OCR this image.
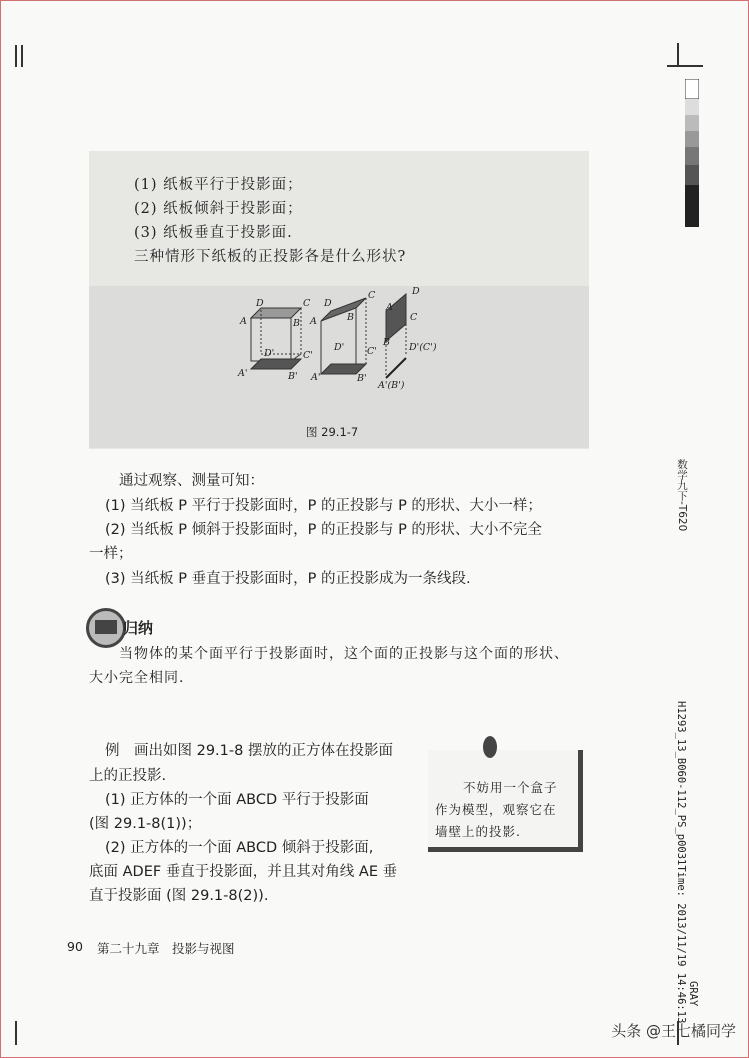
(1) 纸板平行于投影面；
(2) 纸板倾斜于投影面；
(3) 纸板垂直于投影面.
三种情形下纸板的正投影各是什么形状?
D	C
A	B
D'	C'
A'	B'
D
C
A	B
D' C'
A'	B'
D
C
A
B D'(C')
A'(B')
图 29.1-7
通过观察、测量可知：
(1) 当纸板 P 平行于投影面时，P 的正投影与 P 的形状、大小一样；
(2) 当纸板 P 倾斜于投影面时，P 的正投影与 P 的形状、大小不完全
一样；
(3) 当纸板 P 垂直于投影面时，P 的正投影成为一条线段.
归纳
当物体的某个面平行于投影面时，这个面的正投影与这个面的形状、
大小完全相同.
例　画出如图 29.1-8 摆放的正方体在投影面
上的正投影.
(1) 正方体的一个面 ABCD 平行于投影面
(图 29.1-8(1))；
(2) 正方体的一个面 ABCD 倾斜于投影面,
底面 ADEF 垂直于投影面，并且其对角线 AE 垂
直于投影面 (图 29.1-8(2)).
不妨用一个盒子
作为模型，观察它在
墙壁上的投影.
90 第二十九章　投影与视图
数学九下-T620
H1293_13_B060-112_PS_p0031Time: 2013/11/19 14:46:13 GRAY
头条 @王七橘同学
